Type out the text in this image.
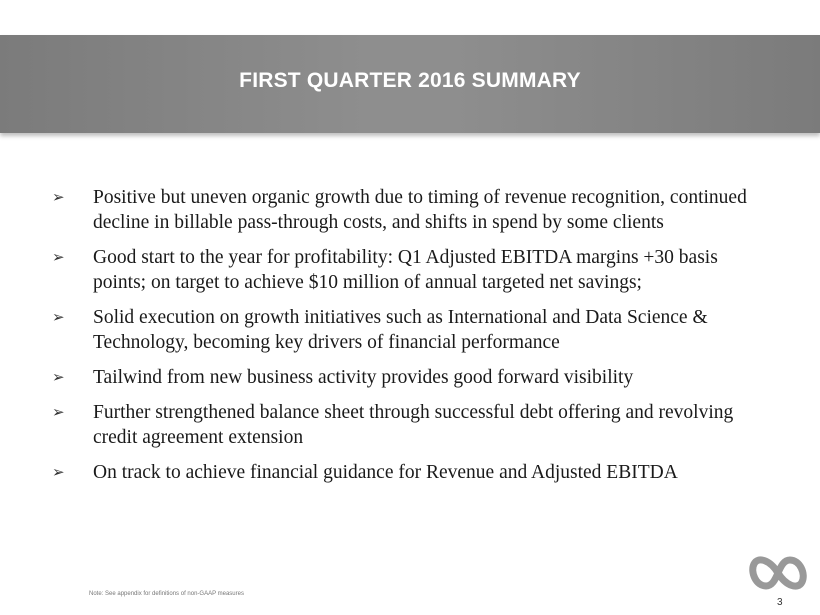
FIRST QUARTER 2016 SUMMARY
➢ Positive but uneven organic growth due to timing of revenue recognition, continued decline in billable pass-through costs, and shifts in spend by some clients
➢ Good start to the year for profitability: Q1 Adjusted EBITDA margins +30 basis points; on target to achieve $10 million of annual targeted net savings;
➢ Solid execution on growth initiatives such as International and Data Science & Technology, becoming key drivers of financial performance
➢ Tailwind from new business activity provides good forward visibility
➢ Further strengthened balance sheet through successful debt offering and revolving credit agreement extension
➢ On track to achieve financial guidance for Revenue and Adjusted EBITDA
Note: See appendix for definitions of non-GAAP measures
3
